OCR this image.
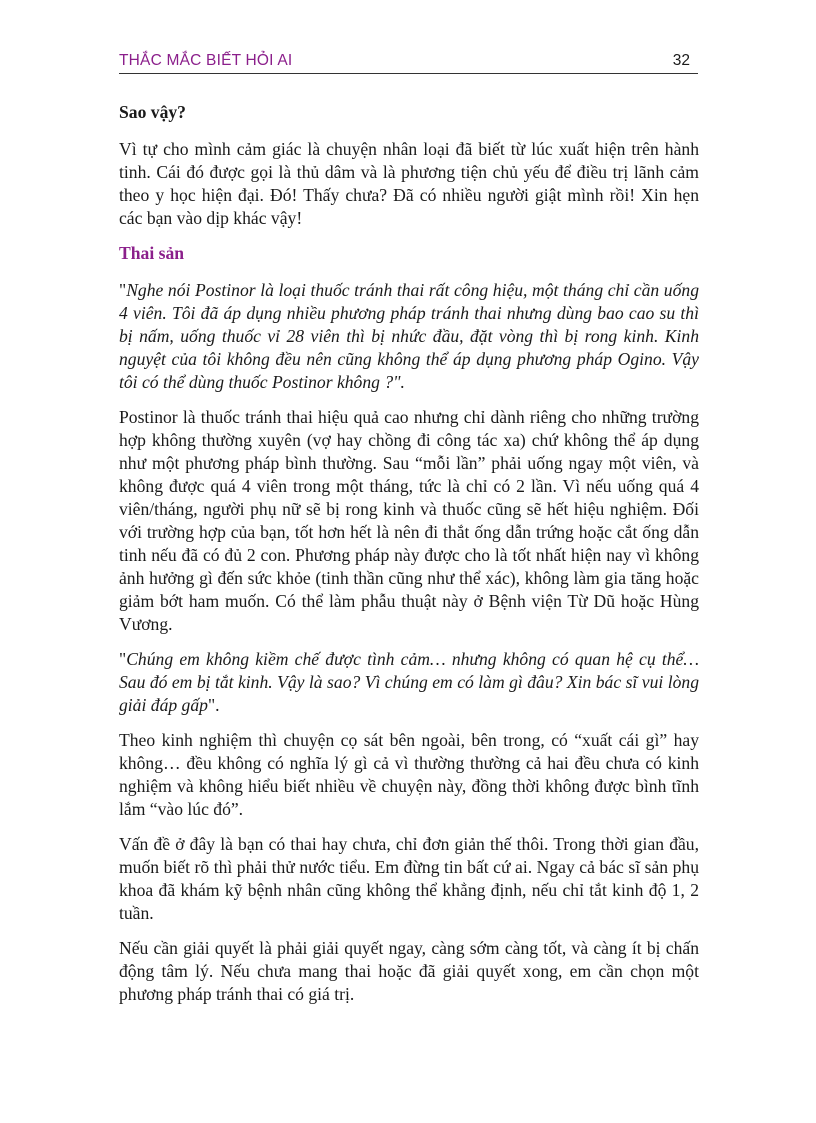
THẮC MẮC BIẾT HỎI AI	32
Sao vậy?

Vì tự cho mình cảm giác là chuyện nhân loại đã biết từ lúc xuất hiện trên hành tinh. Cái đó được gọi là thủ dâm và là phương tiện chủ yếu để điều trị lãnh cảm theo y học hiện đại. Đó! Thấy chưa? Đã có nhiều người giật mình rồi! Xin hẹn các bạn vào dịp khác vậy!

Thai sản

"Nghe nói Postinor là loại thuốc tránh thai rất công hiệu, một tháng chỉ cần uống 4 viên. Tôi đã áp dụng nhiều phương pháp tránh thai nhưng dùng bao cao su thì bị nấm, uống thuốc vỉ 28 viên thì bị nhức đầu, đặt vòng thì bị rong kinh. Kinh nguyệt của tôi không đều nên cũng không thể áp dụng phương pháp Ogino. Vậy tôi có thể dùng thuốc Postinor không ?".

Postinor là thuốc tránh thai hiệu quả cao nhưng chỉ dành riêng cho những trường hợp không thường xuyên (vợ hay chồng đi công tác xa) chứ không thể áp dụng như một phương pháp bình thường. Sau “mỗi lần” phải uống ngay một viên, và không được quá 4 viên trong một tháng, tức là chỉ có 2 lần. Vì nếu uống quá 4 viên/tháng, người phụ nữ sẽ bị rong kinh và thuốc cũng sẽ hết hiệu nghiệm. Đối với trường hợp của bạn, tốt hơn hết là nên đi thắt ống dẫn trứng hoặc cắt ống dẫn tinh nếu đã có đủ 2 con. Phương pháp này được cho là tốt nhất hiện nay vì không ảnh hưởng gì đến sức khỏe (tinh thần cũng như thể xác), không làm gia tăng hoặc giảm bớt ham muốn. Có thể làm phẫu thuật này ở Bệnh viện Từ Dũ hoặc Hùng Vương.

"Chúng em không kiềm chế được tình cảm… nhưng không có quan hệ cụ thể… Sau đó em bị tắt kinh. Vậy là sao? Vì chúng em có làm gì đâu? Xin bác sĩ vui lòng giải đáp gấp".

Theo kinh nghiệm thì chuyện cọ sát bên ngoài, bên trong, có “xuất cái gì” hay không… đều không có nghĩa lý gì cả vì thường thường cả hai đều chưa có kinh nghiệm và không hiểu biết nhiều về chuyện này, đồng thời không được bình tĩnh lắm “vào lúc đó”.

Vấn đề ở đây là bạn có thai hay chưa, chỉ đơn giản thế thôi. Trong thời gian đầu, muốn biết rõ thì phải thử nước tiểu. Em đừng tin bất cứ ai. Ngay cả bác sĩ sản phụ khoa đã khám kỹ bệnh nhân cũng không thể khẳng định, nếu chỉ tắt kinh độ 1, 2 tuần.

Nếu cần giải quyết là phải giải quyết ngay, càng sớm càng tốt, và càng ít bị chấn động tâm lý. Nếu chưa mang thai hoặc đã giải quyết xong, em cần chọn một phương pháp tránh thai có giá trị.
